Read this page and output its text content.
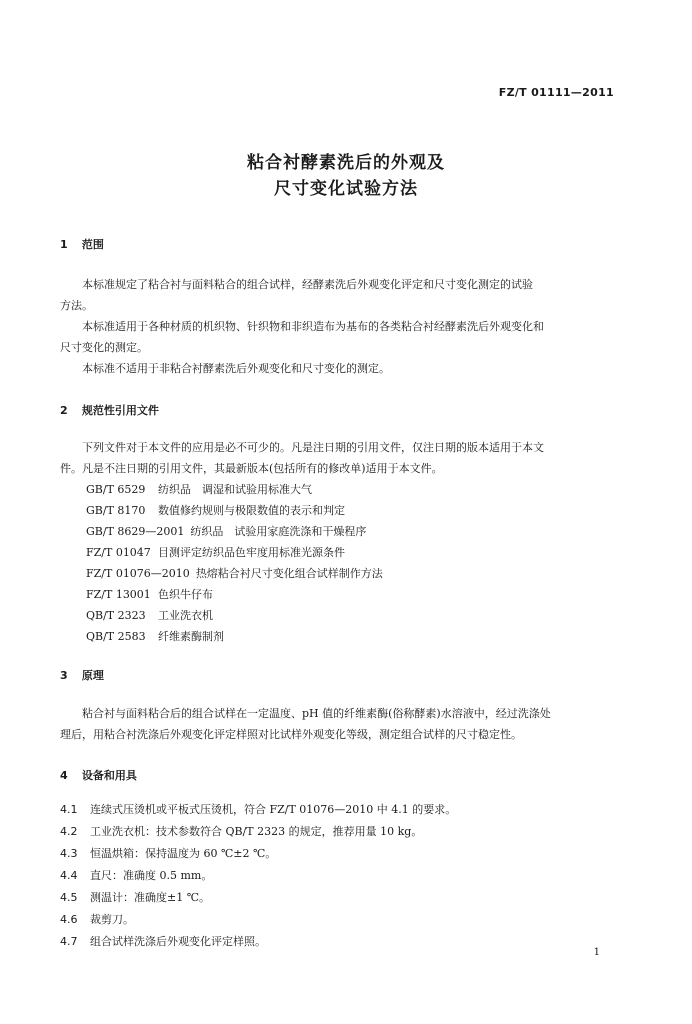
FZ/T 01111—2011
粘合衬酵素洗后的外观及
尺寸变化试验方法
1 范围
本标准规定了粘合衬与面料粘合的组合试样，经酵素洗后外观变化评定和尺寸变化测定的试验
方法。
本标准适用于各种材质的机织物、针织物和非织造布为基布的各类粘合衬经酵素洗后外观变化和
尺寸变化的测定。
本标准不适用于非粘合衬酵素洗后外观变化和尺寸变化的测定。
2 规范性引用文件
下列文件对于本文件的应用是必不可少的。凡是注日期的引用文件，仅注日期的版本适用于本文
件。凡是不注日期的引用文件，其最新版本(包括所有的修改单)适用于本文件。
GB/T 6529 纺织品　调湿和试验用标准大气
GB/T 8170 数值修约规则与极限数值的表示和判定
GB/T 8629—2001 纺织品　试验用家庭洗涤和干燥程序
FZ/T 01047 目测评定纺织品色牢度用标准光源条件
FZ/T 01076—2010 热熔粘合衬尺寸变化组合试样制作方法
FZ/T 13001 色织牛仔布
QB/T 2323 工业洗衣机
QB/T 2583 纤维素酶制剂
3 原理
粘合衬与面料粘合后的组合试样在一定温度、pH 值的纤维素酶(俗称酵素)水溶液中，经过洗涤处
理后，用粘合衬洗涤后外观变化评定样照对比试样外观变化等级，测定组合试样的尺寸稳定性。
4 设备和用具
4.1 连续式压烫机或平板式压烫机，符合 FZ/T 01076—2010 中 4.1 的要求。
4.2 工业洗衣机：技术参数符合 QB/T 2323 的规定，推荐用量 10 kg。
4.3 恒温烘箱：保持温度为 60 ℃±2 ℃。
4.4 直尺：准确度 0.5 mm。
4.5 测温计：准确度±1 ℃。
4.6 裁剪刀。
4.7 组合试样洗涤后外观变化评定样照。
1
